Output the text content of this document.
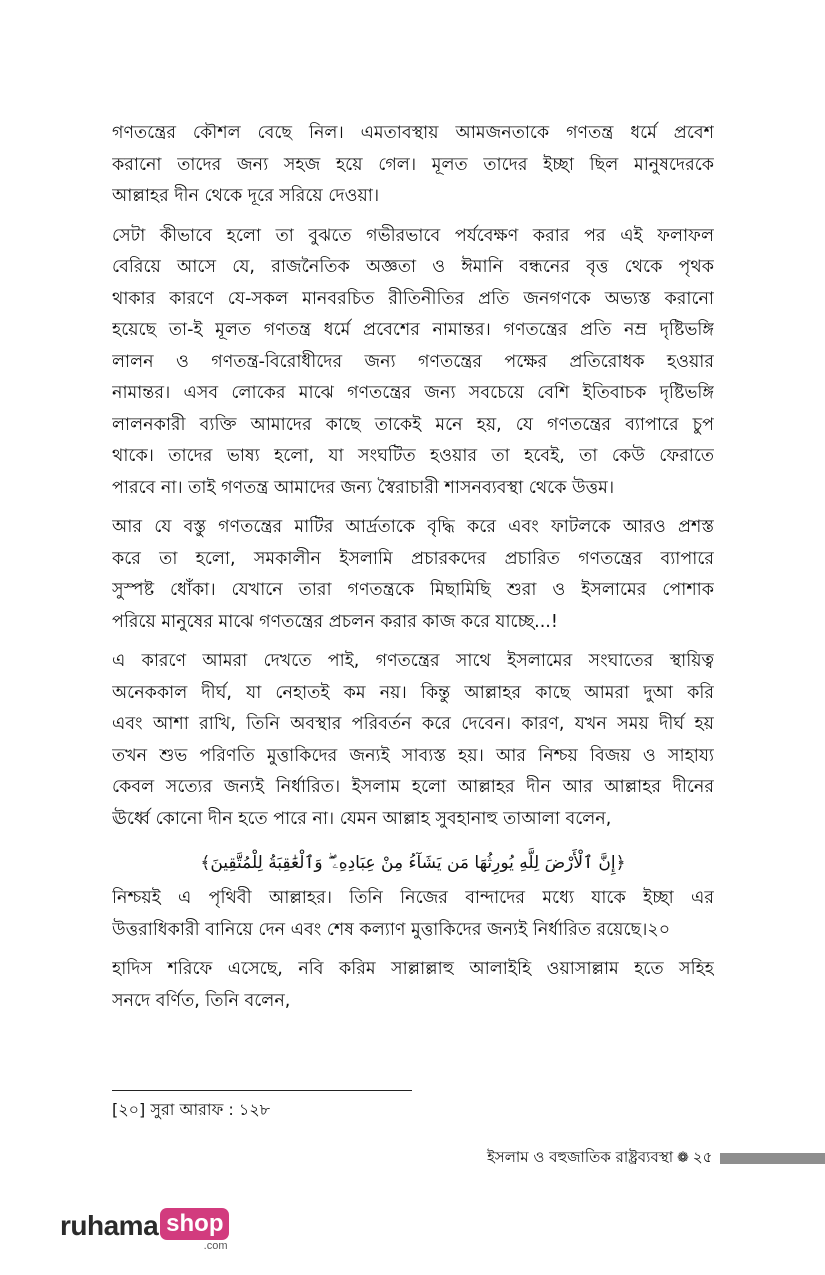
গণতন্ত্রের কৌশল বেছে নিল। এমতাবস্থায় আমজনতাকে গণতন্ত্র ধর্মে প্রবেশ
করানো তাদের জন্য সহজ হয়ে গেল। মূলত তাদের ইচ্ছা ছিল মানুষদেরকে
আল্লাহর দীন থেকে দূরে সরিয়ে দেওয়া।
সেটা কীভাবে হলো তা বুঝতে গভীরভাবে পর্যবেক্ষণ করার পর এই ফলাফল
বেরিয়ে আসে যে, রাজনৈতিক অজ্ঞতা ও ঈমানি বন্ধনের বৃত্ত থেকে পৃথক
থাকার কারণে যে-সকল মানবরচিত রীতিনীতির প্রতি জনগণকে অভ্যস্ত করানো
হয়েছে তা-ই মূলত গণতন্ত্র ধর্মে প্রবেশের নামান্তর। গণতন্ত্রের প্রতি নম্র দৃষ্টিভঙ্গি
লালন ও গণতন্ত্র-বিরোধীদের জন্য গণতন্ত্রের পক্ষের প্রতিরোধক হওয়ার
নামান্তর। এসব লোকের মাঝে গণতন্ত্রের জন্য সবচেয়ে বেশি ইতিবাচক দৃষ্টিভঙ্গি
লালনকারী ব্যক্তি আমাদের কাছে তাকেই মনে হয়, যে গণতন্ত্রের ব্যাপারে চুপ
থাকে। তাদের ভাষ্য হলো, যা সংঘটিত হওয়ার তা হবেই, তা কেউ ফেরাতে
পারবে না। তাই গণতন্ত্র আমাদের জন্য স্বৈরাচারী শাসনব্যবস্থা থেকে উত্তম।
আর যে বস্তু গণতন্ত্রের মাটির আর্দ্রতাকে বৃদ্ধি করে এবং ফাটলকে আরও প্রশস্ত
করে তা হলো, সমকালীন ইসলামি প্রচারকদের প্রচারিত গণতন্ত্রের ব্যাপারে
সুস্পষ্ট ধোঁকা। যেখানে তারা গণতন্ত্রকে মিছামিছি শুরা ও ইসলামের পোশাক
পরিয়ে মানুষের মাঝে গণতন্ত্রের প্রচলন করার কাজ করে যাচ্ছে...!
এ কারণে আমরা দেখতে পাই, গণতন্ত্রের সাথে ইসলামের সংঘাতের স্থায়িত্ব
অনেককাল দীর্ঘ, যা নেহাতই কম নয়। কিন্তু আল্লাহর কাছে আমরা দুআ করি
এবং আশা রাখি, তিনি অবস্থার পরিবর্তন করে দেবেন। কারণ, যখন সময় দীর্ঘ হয়
তখন শুভ পরিণতি মুত্তাকিদের জন্যই সাব্যস্ত হয়। আর নিশ্চয় বিজয় ও সাহায্য
কেবল সত্যের জন্যই নির্ধারিত। ইসলাম হলো আল্লাহর দীন আর আল্লাহর দীনের
ঊর্ধ্বে কোনো দীন হতে পারে না। যেমন আল্লাহ সুবহানাহু তাআলা বলেন,
﴿إِنَّ ٱلْأَرْضَ لِلَّهِ يُورِثُهَا مَن يَشَآءُ مِنْ عِبَادِهِۦ ۖ وَٱلْعَٰقِبَةُ لِلْمُتَّقِينَ﴾
নিশ্চয়ই এ পৃথিবী আল্লাহর। তিনি নিজের বান্দাদের মধ্যে যাকে ইচ্ছা এর
উত্তরাধিকারী বানিয়ে দেন এবং শেষ কল্যাণ মুত্তাকিদের জন্যই নির্ধারিত রয়েছে।২০
হাদিস শরিফে এসেছে, নবি করিম সাল্লাল্লাহু আলাইহি ওয়াসাল্লাম হতে সহিহ
সনদে বর্ণিত, তিনি বলেন,
[২০] সুরা আরাফ : ১২৮
ইসলাম ও বহুজাতিক রাষ্ট্রব্যবস্থা ❁ ২৫
ruhama shop
.com
